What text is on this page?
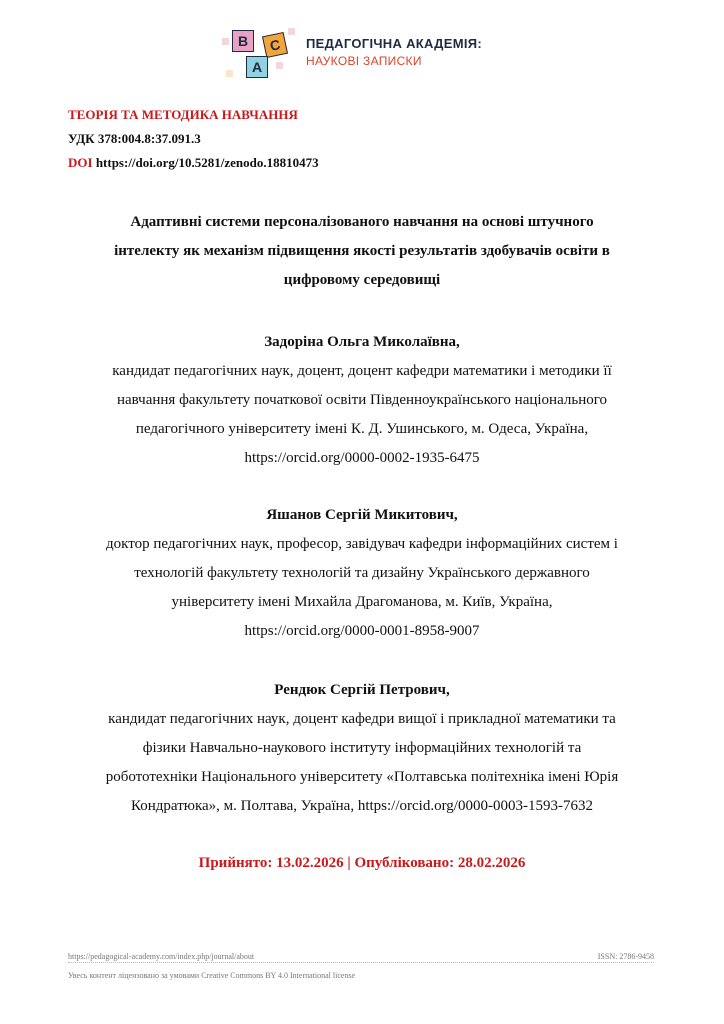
B	C
A
ПЕДАГОГІЧНА АКАДЕМІЯ:
НАУКОВІ ЗАПИСКИ
ТЕОРІЯ ТА МЕТОДИКА НАВЧАННЯ
УДК 378:004.8:37.091.3
DOI https://doi.org/10.5281/zenodo.18810473
Адаптивні системи персоналізованого навчання на основі штучного
інтелекту як механізм підвищення якості результатів здобувачів освіти в
цифровому середовищі
Задоріна Ольга Миколаївна,
кандидат педагогічних наук, доцент, доцент кафедри математики і методики її
навчання факультету початкової освіти Південноукраїнського національного
педагогічного університету імені К. Д. Ушинського, м. Одеса, Україна,
https://orcid.org/0000-0002-1935-6475
Яшанов Сергій Микитович,
доктор педагогічних наук, професор, завідувач кафедри інформаційних систем і
технологій факультету технологій та дизайну Українського державного
університету імені Михайла Драгоманова, м. Київ, Україна,
https://orcid.org/0000-0001-8958-9007
Рендюк Сергій Петрович,
кандидат педагогічних наук, доцент кафедри вищої і прикладної математики та
фізики Навчально-наукового інституту інформаційних технологій та
робототехніки Національного університету «Полтавська політехніка імені Юрія
Кондратюка», м. Полтава, Україна, https://orcid.org/0000-0003-1593-7632
Прийнято: 13.02.2026 | Опубліковано: 28.02.2026
https://pedagogical-academy.com/index.php/journal/about	ISSN: 2786-9458
Увесь контент ліцензовано за умовами Creative Commons BY 4.0 International license
